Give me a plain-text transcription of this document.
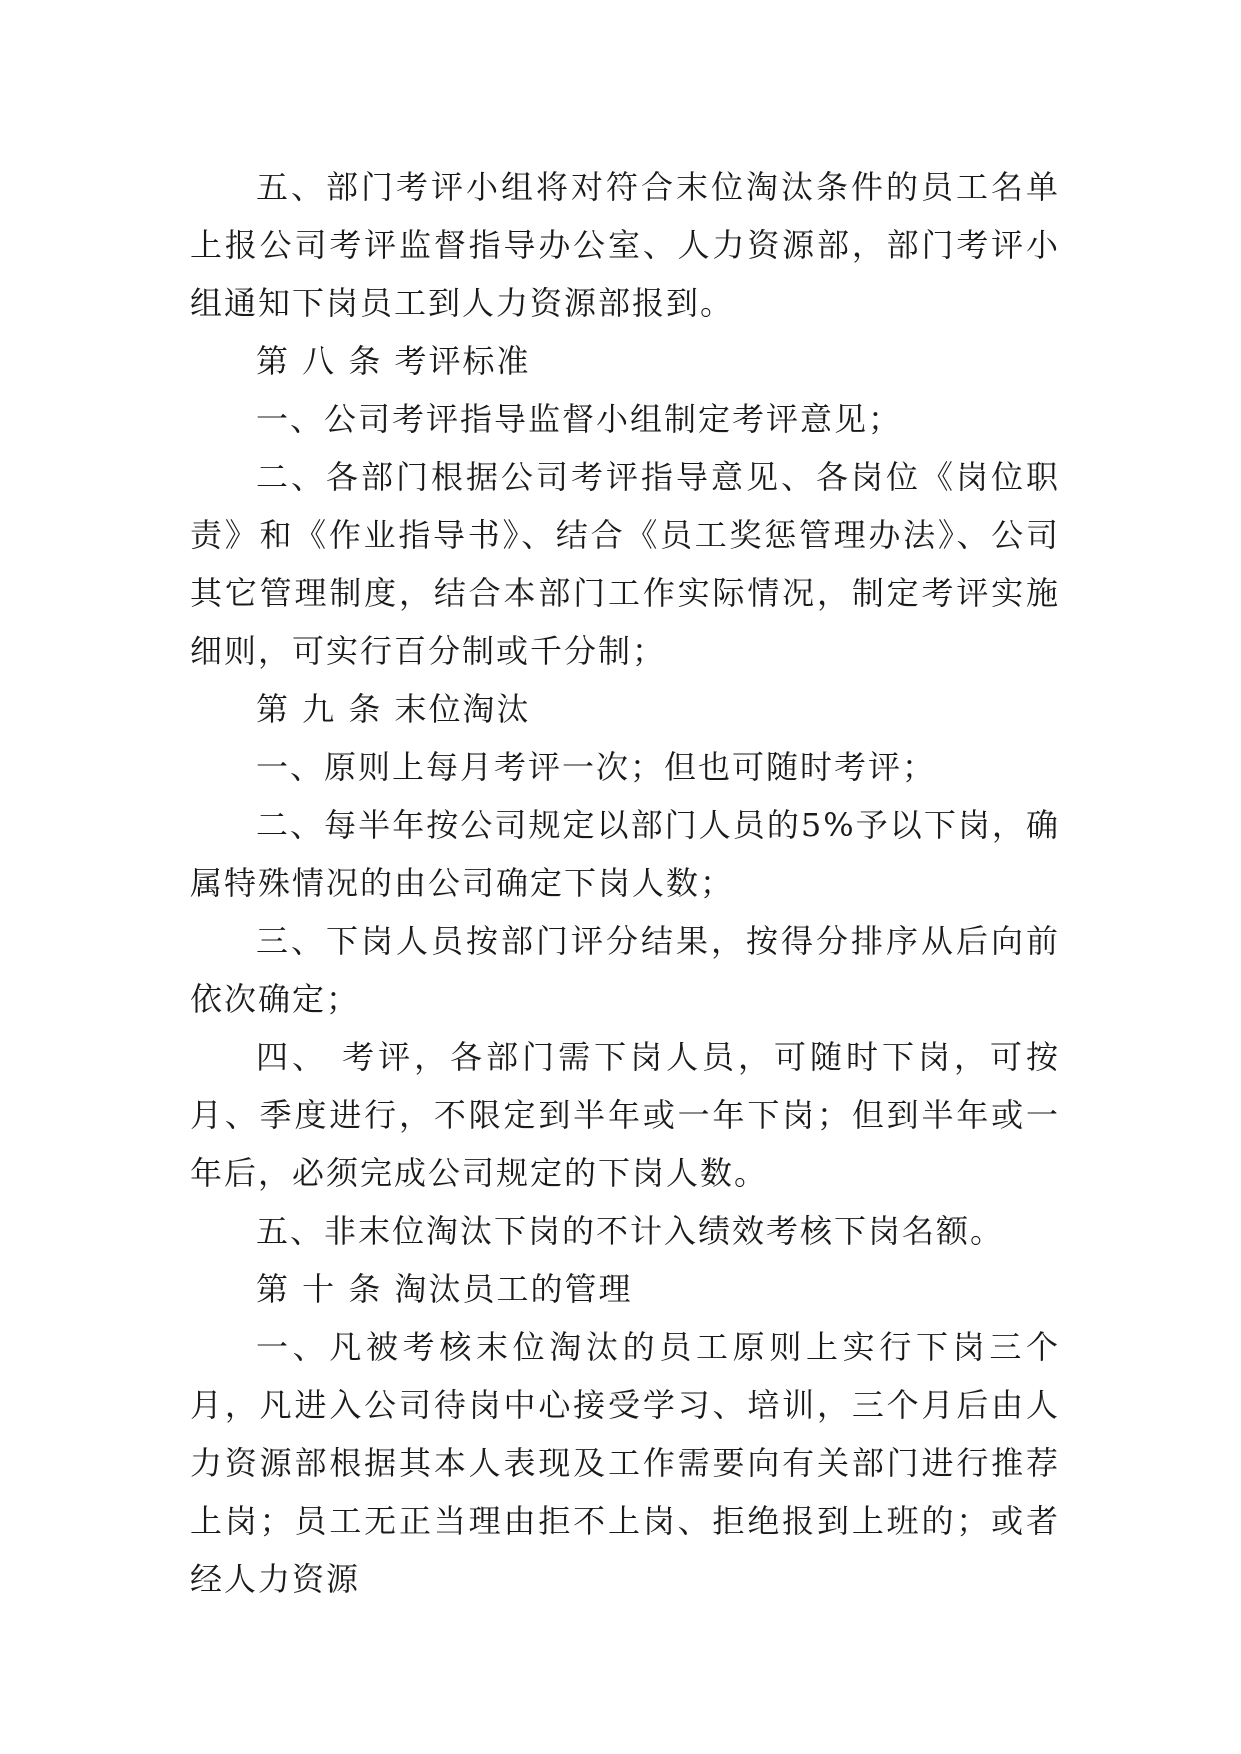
五、部门考评小组将对符合末位淘汰条件的员工名单上报公司考评监督指导办公室、人力资源部，部门考评小组通知下岗员工到人力资源部报到。

第 八 条 考评标准

一、公司考评指导监督小组制定考评意见；

二、各部门根据公司考评指导意见、各岗位《岗位职责》和《作业指导书》、结合《员工奖惩管理办法》、公司其它管理制度，结合本部门工作实际情况，制定考评实施细则，可实行百分制或千分制；

第 九 条 末位淘汰

一、原则上每月考评一次；但也可随时考评；

二、每半年按公司规定以部门人员的5%予以下岗，确属特殊情况的由公司确定下岗人数；

三、下岗人员按部门评分结果，按得分排序从后向前依次确定；

四、 考评，各部门需下岗人员，可随时下岗，可按月、季度进行，不限定到半年或一年下岗；但到半年或一年后，必须完成公司规定的下岗人数。

五、非末位淘汰下岗的不计入绩效考核下岗名额。

第 十 条 淘汰员工的管理

一、凡被考核末位淘汰的员工原则上实行下岗三个月，凡进入公司待岗中心接受学习、培训，三个月后由人力资源部根据其本人表现及工作需要向有关部门进行推荐上岗；员工无正当理由拒不上岗、拒绝报到上班的；或者经人力资源
